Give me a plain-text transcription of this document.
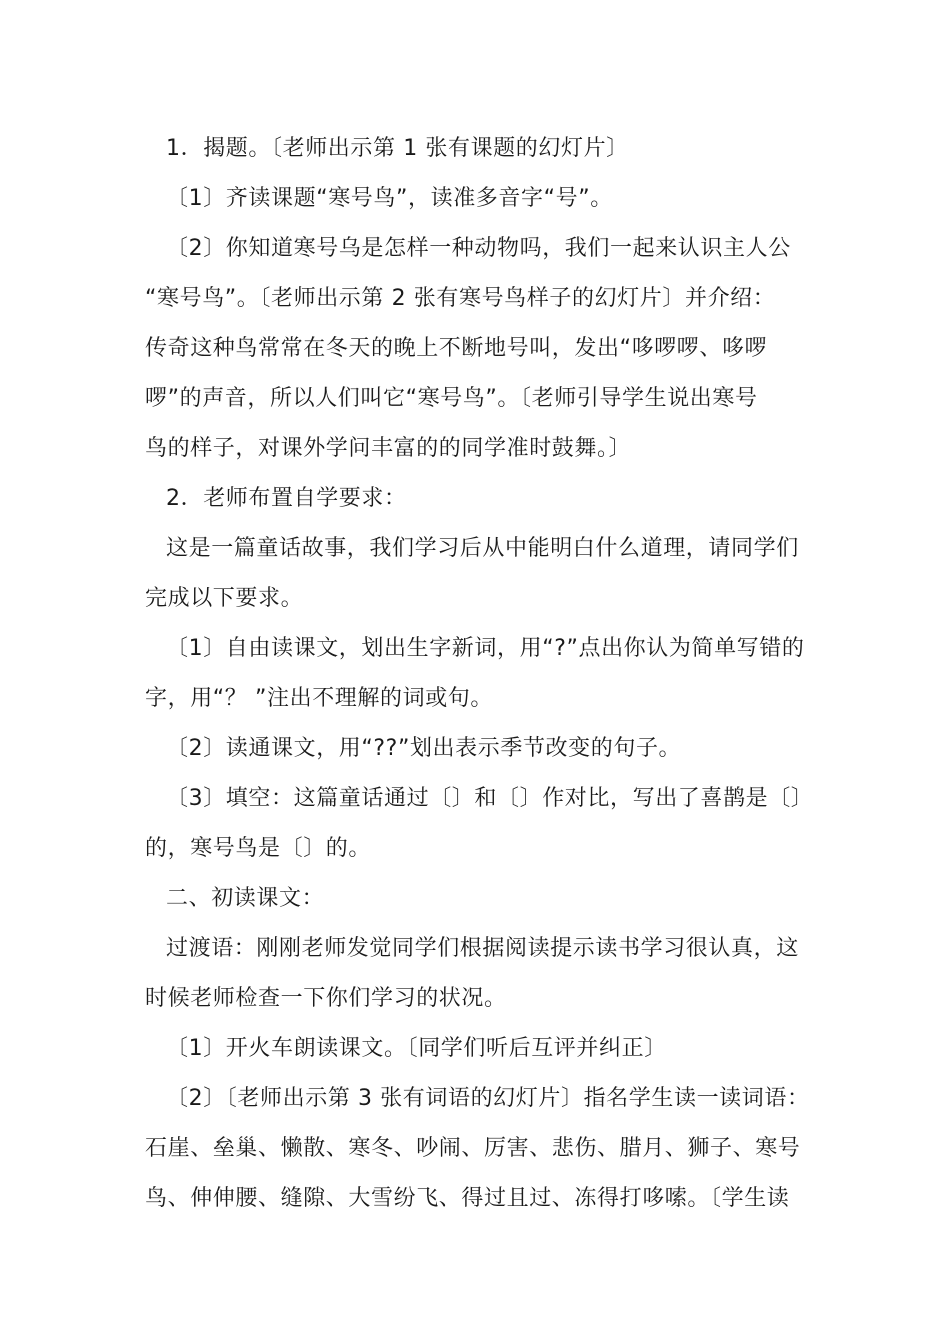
1．揭题。〔老师出示第 1 张有课题的幻灯片〕
〔1〕齐读课题“寒号鸟”，读准多音字“号”。
〔2〕你知道寒号乌是怎样一种动物吗，我们一起来认识主人公
“寒号鸟”。〔老师出示第 2 张有寒号鸟样子的幻灯片〕并介绍：
传奇这种鸟常常在冬天的晚上不断地号叫，发出“哆啰啰、哆啰
啰”的声音，所以人们叫它“寒号鸟”。〔老师引导学生说出寒号
鸟的样子，对课外学问丰富的的同学准时鼓舞。〕
2．老师布置自学要求：
这是一篇童话故事，我们学习后从中能明白什么道理，请同学们
完成以下要求。
〔1〕自由读课文，划出生字新词，用“?”点出你认为简单写错的
字，用“？ ”注出不理解的词或句。
〔2〕读通课文，用“??”划出表示季节改变的句子。
〔3〕填空：这篇童话通过〔〕和〔〕作对比，写出了喜鹊是〔〕
的，寒号鸟是〔〕的。
二、初读课文：
过渡语：刚刚老师发觉同学们根据阅读提示读书学习很认真，这
时候老师检查一下你们学习的状况。
〔1〕开火车朗读课文。〔同学们听后互评并纠正〕
〔2〕〔老师出示第 3 张有词语的幻灯片〕指名学生读一读词语：
石崖、垒巢、懒散、寒冬、吵闹、厉害、悲伤、腊月、狮子、寒号
鸟、伸伸腰、缝隙、大雪纷飞、得过且过、冻得打哆嗦。〔学生读
